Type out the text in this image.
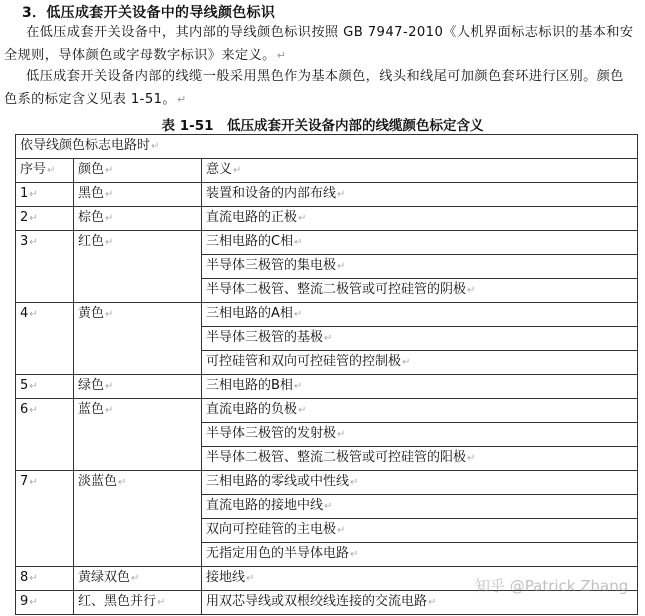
3．低压成套开关设备中的导线颜色标识
在低压成套开关设备中，其内部的导线颜色标识按照 GB 7947-2010《人机界面标志标识的基本和安全规则，导体颜色或字母数字标识》来定义。↵
低压成套开关设备内部的线缆一般采用黑色作为基本颜色，线头和线尾可加颜色套环进行区别。颜色色系的标定含义见表 1-51。↵
表 1-51　低压成套开关设备内部的线缆颜色标定含义
依导线颜色标志电路时↵		
序号↵	颜色↵	意义↵
1↵	黑色↵	装置和设备的内部布线↵
2↵	棕色↵	直流电路的正极↵
3↵	红色↵	三相电路的C相↵
		半导体三极管的集电极↵
		半导体二极管、整流二极管或可控硅管的阴极↵
4↵	黄色↵	三相电路的A相↵
		半导体三极管的基极↵
		可控硅管和双向可控硅管的控制极↵
5↵	绿色↵	三相电路的B相↵
6↵	蓝色↵	直流电路的负极↵
		半导体三极管的发射极↵
		半导体二极管、整流二极管或可控硅管的阳极↵
7↵	淡蓝色↵	三相电路的零线或中性线↵
		直流电路的接地中线↵
		双向可控硅管的主电极↵
		无指定用色的半导体电路↵
8↵	黄绿双色↵	接地线↵
9↵	红、黑色并行↵	用双芯导线或双根绞线连接的交流电路↵
知乎 @Patrick Zhang
